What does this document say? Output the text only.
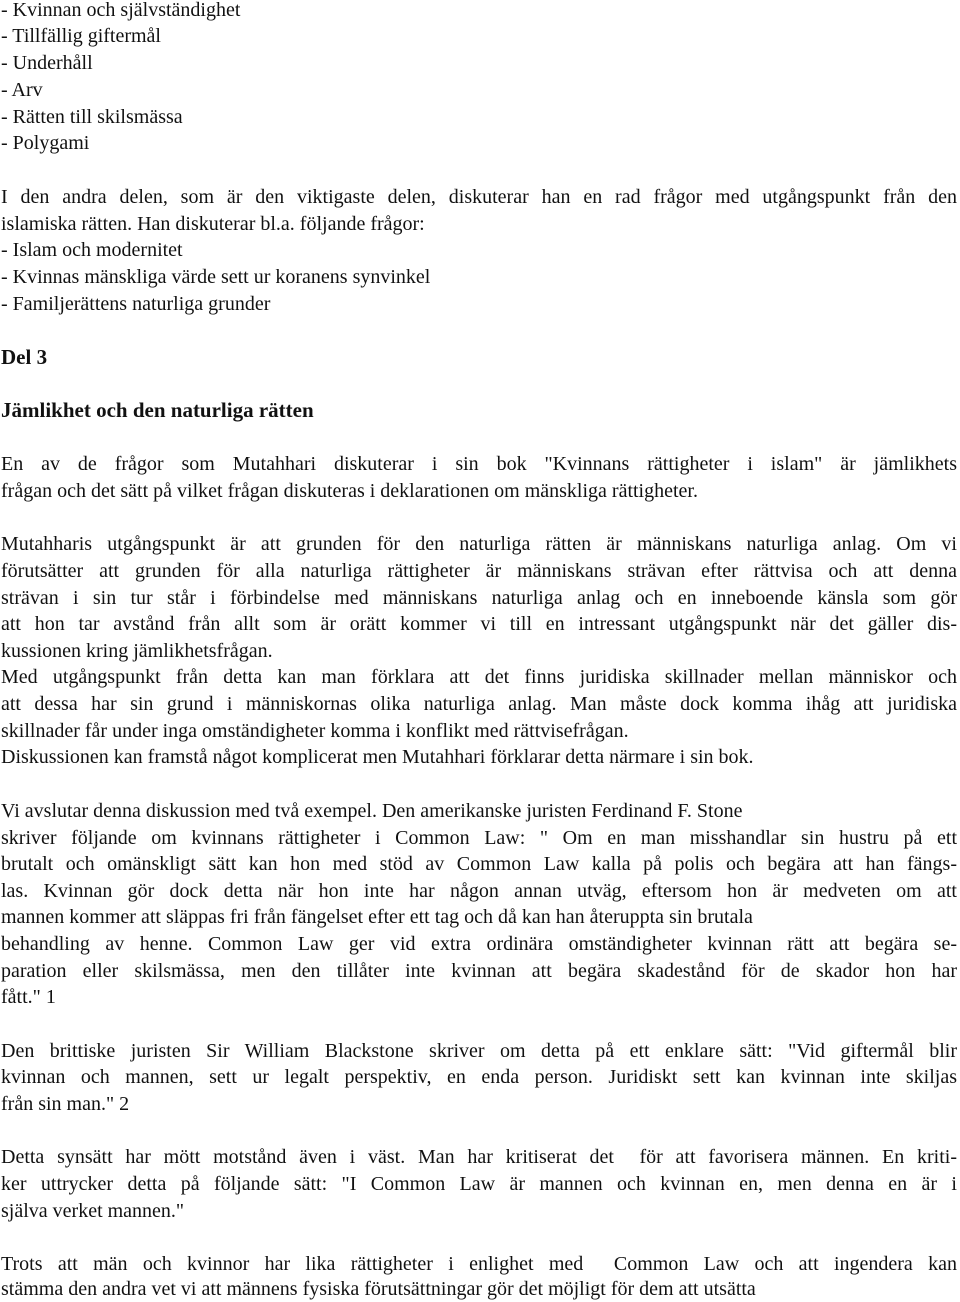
- Kvinnan och självständighet
- Tillfällig giftermål
- Underhåll
- Arv
- Rätten till skilsmässa
- Polygami
I den andra delen, som är den viktigaste delen, diskuterar han en rad frågor med utgångspunkt från den
islamiska rätten. Han diskuterar bl.a. följande frågor:
- Islam och modernitet
- Kvinnas mänskliga värde sett ur koranens synvinkel
- Familjerättens naturliga grunder
Del 3
Jämlikhet och den naturliga rätten
En av de frågor som Mutahhari diskuterar i sin bok "Kvinnans rättigheter i islam" är jämlikhets
frågan och det sätt på vilket frågan diskuteras i deklarationen om mänskliga rättigheter.
Mutahharis utgångspunkt är att grunden för den naturliga rätten är människans naturliga anlag. Om vi
förutsätter att grunden för alla naturliga rättigheter är människans strävan efter rättvisa och att denna
strävan i sin tur står i förbindelse med människans naturliga anlag och en inneboende känsla som gör
att hon tar avstånd från allt som är orätt kommer vi till en intressant utgångspunkt när det gäller dis-
kussionen kring jämlikhetsfrågan.
Med utgångspunkt från detta kan man förklara att det finns juridiska skillnader mellan människor och
att dessa har sin grund i människornas olika naturliga anlag. Man måste dock komma ihåg att juridiska
skillnader får under inga omständigheter komma i konflikt med rättvisefrågan.
Diskussionen kan framstå något komplicerat men Mutahhari förklarar detta närmare i sin bok.
Vi avslutar denna diskussion med två exempel. Den amerikanske juristen Ferdinand F. Stone
skriver följande om kvinnans rättigheter i Common Law: " Om en man misshandlar sin hustru på ett
brutalt och omänskligt sätt kan hon med stöd av Common Law kalla på polis och begära att han fängs-
las. Kvinnan gör dock detta när hon inte har någon annan utväg, eftersom hon är medveten om att
mannen kommer att släppas fri från fängelset efter ett tag och då kan han återuppta sin brutala
behandling av henne. Common Law ger vid extra ordinära omständigheter kvinnan rätt att begära se-
paration eller skilsmässa, men den tillåter inte kvinnan att begära skadestånd för de skador hon har
fått." 1
Den brittiske juristen Sir William Blackstone skriver om detta på ett enklare sätt: "Vid giftermål blir
kvinnan och mannen, sett ur legalt perspektiv, en enda person. Juridiskt sett kan kvinnan inte skiljas
från sin man." 2
Detta synsätt har mött motstånd även i väst. Man har kritiserat det  för att favorisera männen. En kriti-
ker uttrycker detta på följande sätt: "I Common Law är mannen och kvinnan en, men denna en är i
själva verket mannen."
Trots att män och kvinnor har lika rättigheter i enlighet med  Common Law och att ingendera kan
stämma den andra vet vi att männens fysiska förutsättningar gör det möjligt för dem att utsätta
